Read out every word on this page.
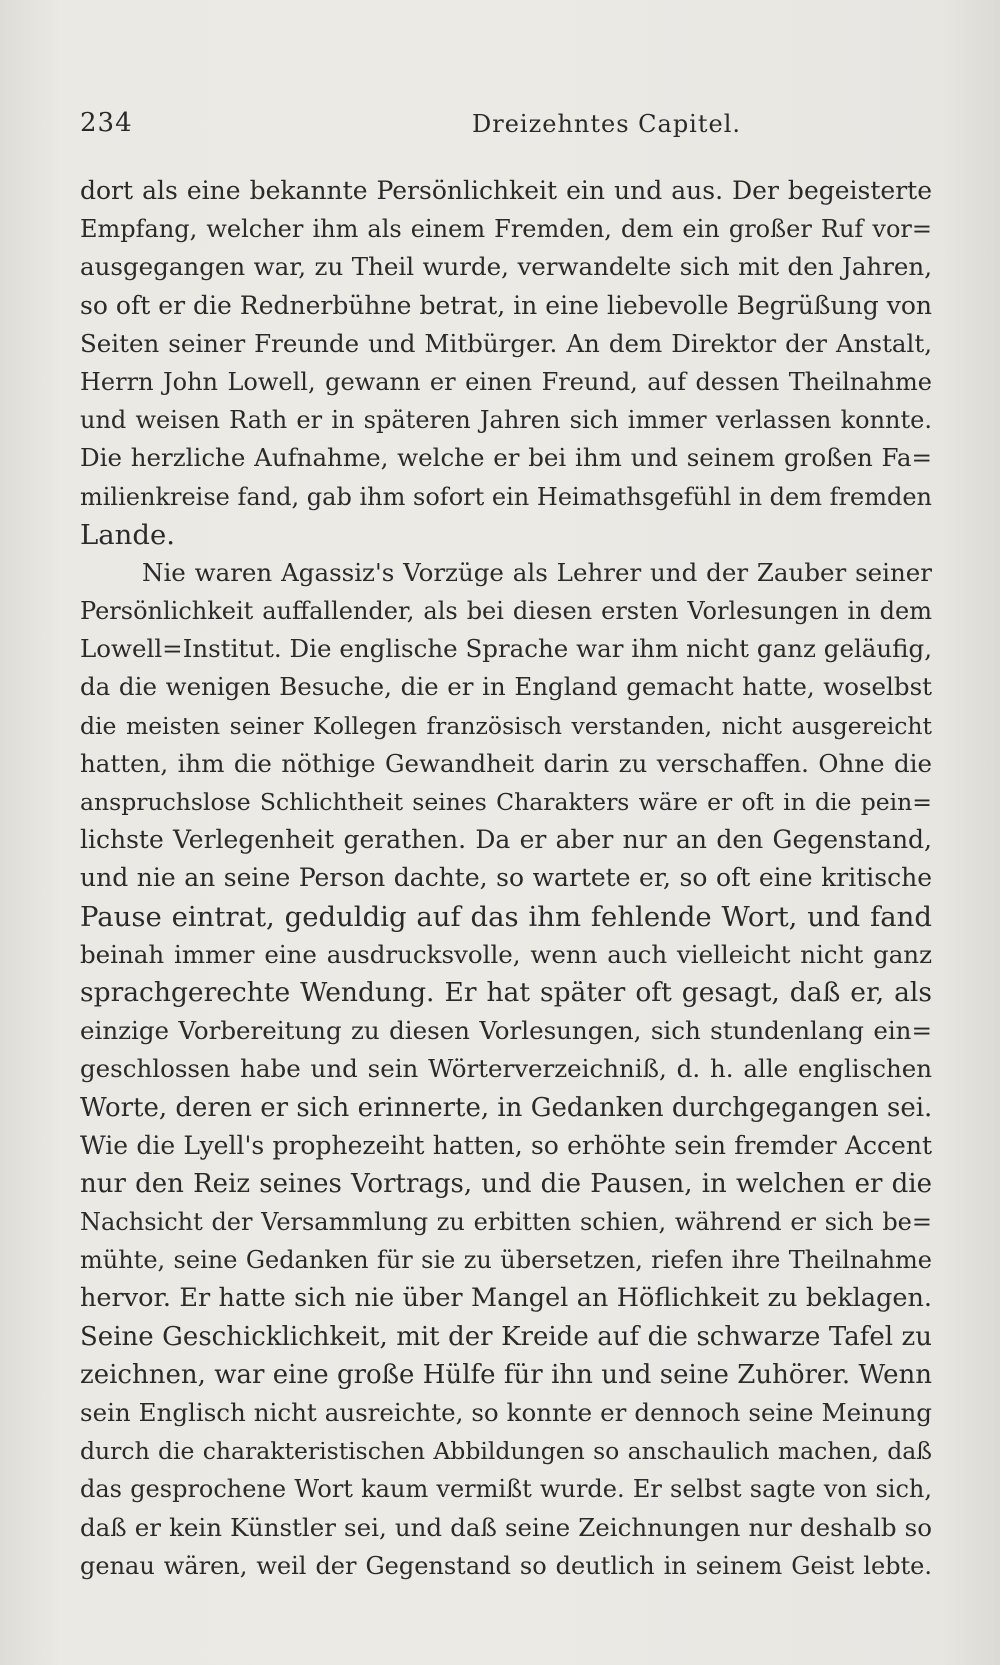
234	Dreizehntes Capitel.
dort als eine bekannte Persönlichkeit ein und aus. Der begeisterte
Empfang, welcher ihm als einem Fremden, dem ein großer Ruf vor=
ausgegangen war, zu Theil wurde, verwandelte sich mit den Jahren,
so oft er die Rednerbühne betrat, in eine liebevolle Begrüßung von
Seiten seiner Freunde und Mitbürger. An dem Direktor der Anstalt,
Herrn John Lowell, gewann er einen Freund, auf dessen Theilnahme
und weisen Rath er in späteren Jahren sich immer verlassen konnte.
Die herzliche Aufnahme, welche er bei ihm und seinem großen Fa=
milienkreise fand, gab ihm sofort ein Heimathsgefühl in dem fremden
Lande.
Nie waren Agassiz's Vorzüge als Lehrer und der Zauber seiner
Persönlichkeit auffallender, als bei diesen ersten Vorlesungen in dem
Lowell=Institut. Die englische Sprache war ihm nicht ganz geläufig,
da die wenigen Besuche, die er in England gemacht hatte, woselbst
die meisten seiner Kollegen französisch verstanden, nicht ausgereicht
hatten, ihm die nöthige Gewandheit darin zu verschaffen. Ohne die
anspruchslose Schlichtheit seines Charakters wäre er oft in die pein=
lichste Verlegenheit gerathen. Da er aber nur an den Gegenstand,
und nie an seine Person dachte, so wartete er, so oft eine kritische
Pause eintrat, geduldig auf das ihm fehlende Wort, und fand
beinah immer eine ausdrucksvolle, wenn auch vielleicht nicht ganz
sprachgerechte Wendung. Er hat später oft gesagt, daß er, als
einzige Vorbereitung zu diesen Vorlesungen, sich stundenlang ein=
geschlossen habe und sein Wörterverzeichniß, d. h. alle englischen
Worte, deren er sich erinnerte, in Gedanken durchgegangen sei.
Wie die Lyell's prophezeiht hatten, so erhöhte sein fremder Accent
nur den Reiz seines Vortrags, und die Pausen, in welchen er die
Nachsicht der Versammlung zu erbitten schien, während er sich be=
mühte, seine Gedanken für sie zu übersetzen, riefen ihre Theilnahme
hervor. Er hatte sich nie über Mangel an Höflichkeit zu beklagen.
Seine Geschicklichkeit, mit der Kreide auf die schwarze Tafel zu
zeichnen, war eine große Hülfe für ihn und seine Zuhörer. Wenn
sein Englisch nicht ausreichte, so konnte er dennoch seine Meinung
durch die charakteristischen Abbildungen so anschaulich machen, daß
das gesprochene Wort kaum vermißt wurde. Er selbst sagte von sich,
daß er kein Künstler sei, und daß seine Zeichnungen nur deshalb so
genau wären, weil der Gegenstand so deutlich in seinem Geist lebte.
